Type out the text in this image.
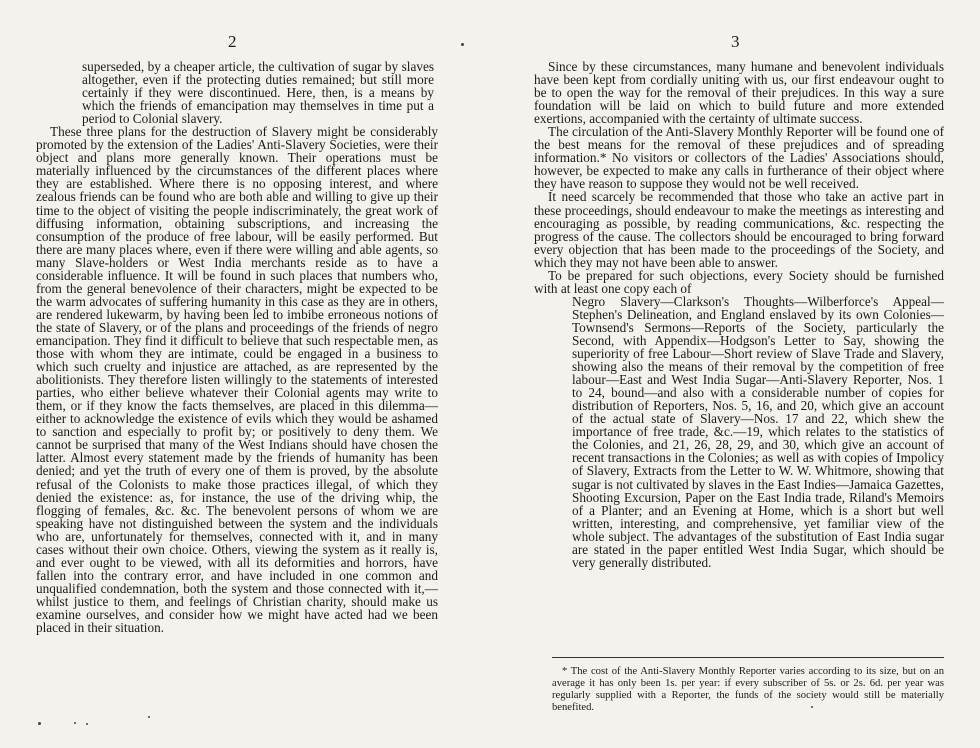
2

superseded, by a cheaper article, the cultivation of sugar by slaves altogether, even if the protecting duties remained; but still more certainly if they were discontinued. Here, then, is a means by which the friends of emancipation may themselves in time put a period to Colonial slavery.

These three plans for the destruction of Slavery might be considerably promoted by the extension of the Ladies' Anti-Slavery Societies, were their object and plans more generally known. Their operations must be materially influenced by the circumstances of the different places where they are established. Where there is no opposing interest, and where zealous friends can be found who are both able and willing to give up their time to the object of visiting the people indiscriminately, the great work of diffusing information, obtaining subscriptions, and increasing the consumption of the produce of free labour, will be easily performed. But there are many places where, even if there were willing and able agents, so many Slave-holders or West India merchants reside as to have a considerable influence. It will be found in such places that numbers who, from the general benevolence of their characters, might be expected to be the warm advocates of suffering humanity in this case as they are in others, are rendered lukewarm, by having been led to imbibe erroneous notions of the state of Slavery, or of the plans and proceedings of the friends of negro emancipation. They find it difficult to believe that such respectable men, as those with whom they are intimate, could be engaged in a business to which such cruelty and injustice are attached, as are represented by the abolitionists. They therefore listen willingly to the statements of interested parties, who either believe whatever their Colonial agents may write to them, or if they know the facts themselves, are placed in this dilemma—either to acknowledge the existence of evils which they would be ashamed to sanction and especially to profit by; or positively to deny them. We cannot be surprised that many of the West Indians should have chosen the latter. Almost every statement made by the friends of humanity has been denied; and yet the truth of every one of them is proved, by the absolute refusal of the Colonists to make those practices illegal, of which they denied the existence: as, for instance, the use of the driving whip, the flogging of females, &c. &c. The benevolent persons of whom we are speaking have not distinguished between the system and the individuals who are, unfortunately for themselves, connected with it, and in many cases without their own choice. Others, viewing the system as it really is, and ever ought to be viewed, with all its deformities and horrors, have fallen into the contrary error, and have included in one common and unqualified condemnation, both the system and those connected with it,—whilst justice to them, and feelings of Christian charity, should make us examine ourselves, and consider how we might have acted had we been placed in their situation.

3

Since by these circumstances, many humane and benevolent individuals have been kept from cordially uniting with us, our first endeavour ought to be to open the way for the removal of their prejudices. In this way a sure foundation will be laid on which to build future and more extended exertions, accompanied with the certainty of ultimate success.

The circulation of the Anti-Slavery Monthly Reporter will be found one of the best means for the removal of these prejudices and of spreading information.* No visitors or collectors of the Ladies' Associations should, however, be expected to make any calls in furtherance of their object where they have reason to suppose they would not be well received.

It need scarcely be recommended that those who take an active part in these proceedings, should endeavour to make the meetings as interesting and encouraging as possible, by reading communications, &c. respecting the progress of the cause. The collectors should be encouraged to bring forward every objection that has been made to the proceedings of the Society, and which they may not have been able to answer.

To be prepared for such objections, every Society should be furnished with at least one copy each of

Negro Slavery—Clarkson's Thoughts—Wilberforce's Appeal—Stephen's Delineation, and England enslaved by its own Colonies—Townsend's Sermons—Reports of the Society, particularly the Second, with Appendix—Hodgson's Letter to Say, showing the superiority of free Labour—Short review of Slave Trade and Slavery, showing also the means of their removal by the competition of free labour—East and West India Sugar—Anti-Slavery Reporter, Nos. 1 to 24, bound—and also with a considerable number of copies for distribution of Reporters, Nos. 5, 16, and 20, which give an account of the actual state of Slavery—Nos. 17 and 22, which shew the importance of free trade, &c.—19, which relates to the statistics of the Colonies, and 21, 26, 28, 29, and 30, which give an account of recent transactions in the Colonies; as well as with copies of Impolicy of Slavery, Extracts from the Letter to W. W. Whitmore, showing that sugar is not cultivated by slaves in the East Indies—Jamaica Gazettes, Shooting Excursion, Paper on the East India trade, Riland's Memoirs of a Planter; and an Evening at Home, which is a short but well written, interesting, and comprehensive, yet familiar view of the whole subject. The advantages of the substitution of East India sugar are stated in the paper entitled West India Sugar, which should be very generally distributed.

* The cost of the Anti-Slavery Monthly Reporter varies according to its size, but on an average it has only been 1s. per year: if every subscriber of 5s. or 2s. 6d. per year was regularly supplied with a Reporter, the funds of the society would still be materially benefited.
